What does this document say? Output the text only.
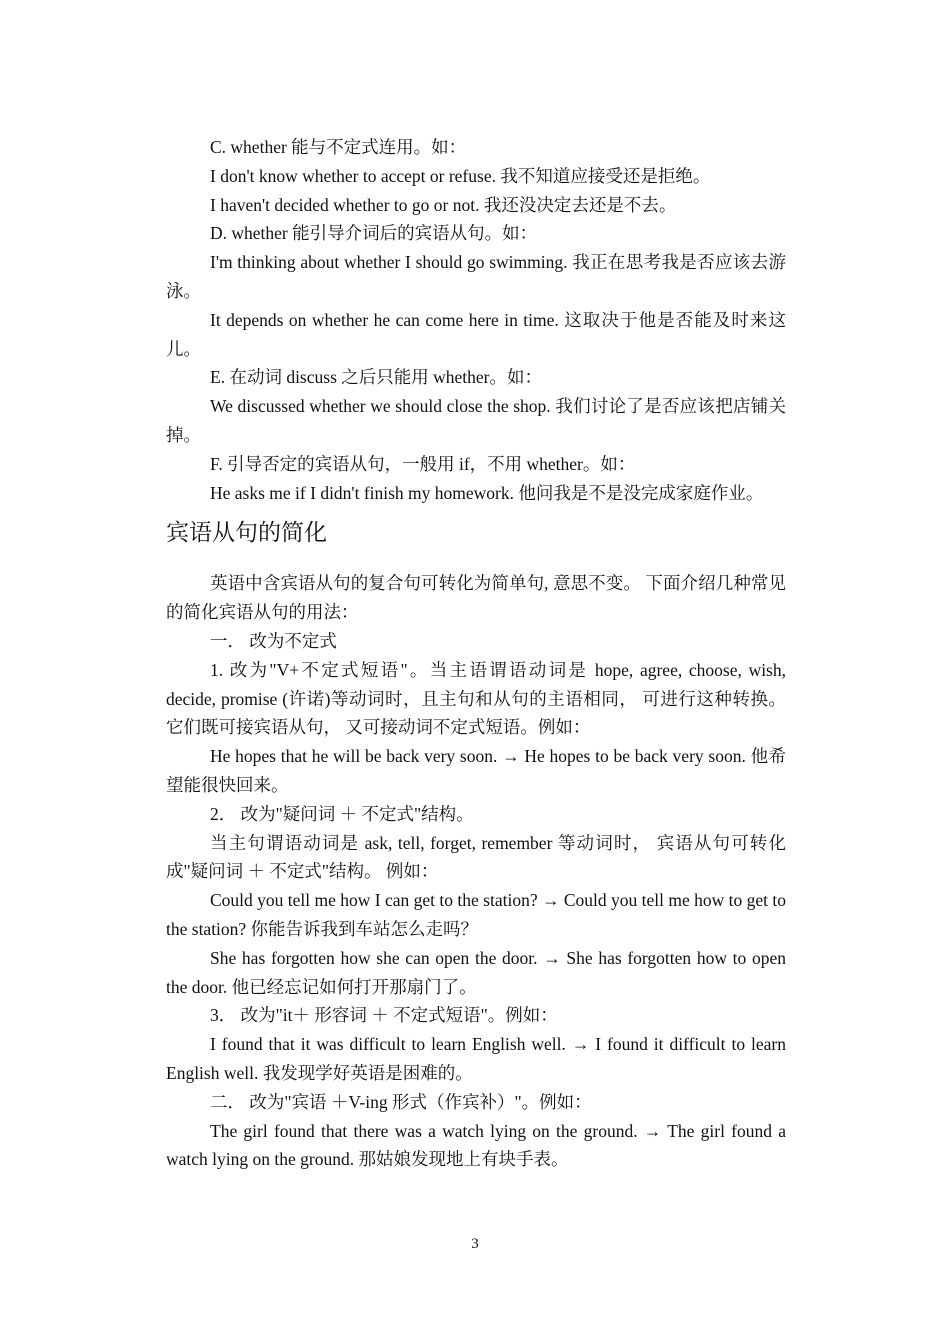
C. whether 能与不定式连用。如：

I don't know whether to accept or refuse. 我不知道应接受还是拒绝。

I haven't decided whether to go or not. 我还没决定去还是不去。

D. whether 能引导介词后的宾语从句。如：

I'm thinking about whether I should go swimming. 我正在思考我是否应该去游泳。

It depends on whether he can come here in time. 这取决于他是否能及时来这儿。

E. 在动词 discuss 之后只能用 whether。如：

We discussed whether we should close the shop. 我们讨论了是否应该把店铺关掉。

F. 引导否定的宾语从句，一般用 if，不用 whether。如：

He asks me if I didn't finish my homework. 他问我是不是没完成家庭作业。

宾语从句的简化

英语中含宾语从句的复合句可转化为简单句, 意思不变。 下面介绍几种常见的简化宾语从句的用法：

一． 改为不定式

1. 改为"V+不定式短语"。当主语谓语动词是 hope, agree, choose, wish, decide, promise (许诺)等动词时，且主句和从句的主语相同， 可进行这种转换。它们既可接宾语从句， 又可接动词不定式短语。例如：

He hopes that he will be back very soon. → He hopes to be back very soon. 他希望能很快回来。

2． 改为"疑问词 ＋ 不定式"结构。

当主句谓语动词是 ask, tell, forget, remember 等动词时， 宾语从句可转化成"疑问词 ＋ 不定式"结构。 例如：

Could you tell me how I can get to the station? → Could you tell me how to get to the station? 你能告诉我到车站怎么走吗？

She has forgotten how she can open the door. → She has forgotten how to open the door. 他已经忘记如何打开那扇门了。

3． 改为"it＋ 形容词 ＋ 不定式短语"。例如：

I found that it was difficult to learn English well. → I found it difficult to learn English well. 我发现学好英语是困难的。

二． 改为"宾语 ＋V-ing 形式（作宾补）"。例如：

The girl found that there was a watch lying on the ground. → The girl found a watch lying on the ground. 那姑娘发现地上有块手表。

3
